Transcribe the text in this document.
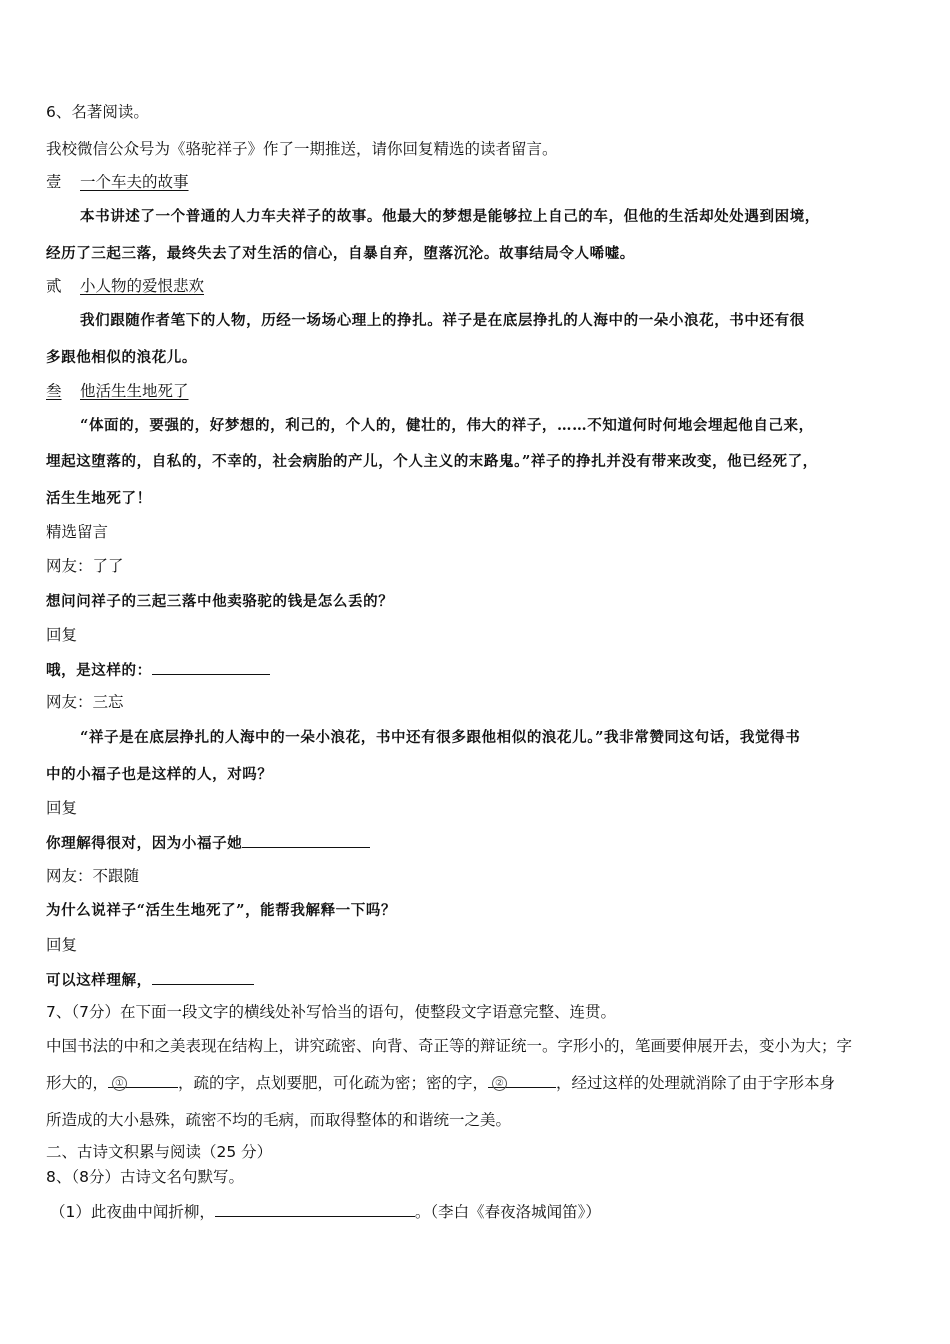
6、名著阅读。
我校微信公众号为《骆驼祥子》作了一期推送，请你回复精选的读者留言。
壹 一个车夫的故事
本书讲述了一个普通的人力车夫祥子的故事。他最大的梦想是能够拉上自己的车，但他的生活却处处遇到困境，
经历了三起三落，最终失去了对生活的信心，自暴自弃，堕落沉沦。故事结局令人唏嘘。
贰 小人物的爱恨悲欢
我们跟随作者笔下的人物，历经一场场心理上的挣扎。祥子是在底层挣扎的人海中的一朵小浪花，书中还有很
多跟他相似的浪花儿。
叁 他活生生地死了
“体面的，要强的，好梦想的，利己的，个人的，健壮的，伟大的祥子，……不知道何时何地会埋起他自己来，
埋起这堕落的，自私的，不幸的，社会病胎的产儿，个人主义的末路鬼。”祥子的挣扎并没有带来改变，他已经死了，
活生生地死了！
精选留言
网友：了了
想问问祥子的三起三落中他卖骆驼的钱是怎么丢的？
回复
哦，是这样的：
网友：三忘
“祥子是在底层挣扎的人海中的一朵小浪花，书中还有很多跟他相似的浪花儿。”我非常赞同这句话，我觉得书
中的小福子也是这样的人，对吗？
回复
你理解得很对，因为小福子她
网友：不跟随
为什么说祥子“活生生地死了”，能帮我解释一下吗？
回复
可以这样理解，
7、（7分）在下面一段文字的横线处补写恰当的语句，使整段文字语意完整、连贯。
中国书法的中和之美表现在结构上，讲究疏密、向背、奇正等的辩证统一。字形小的，笔画要伸展开去，变小为大；字
形大的， ①	，疏的字，点划要肥，可化疏为密；密的字， ②	，经过这样的处理就消除了由于字形本身
所造成的大小悬殊，疏密不均的毛病，而取得整体的和谐统一之美。
二、古诗文积累与阅读（25 分）
8、（8分）古诗文名句默写。
（1）此夜曲中闻折柳，	。（李白《春夜洛城闻笛》）
